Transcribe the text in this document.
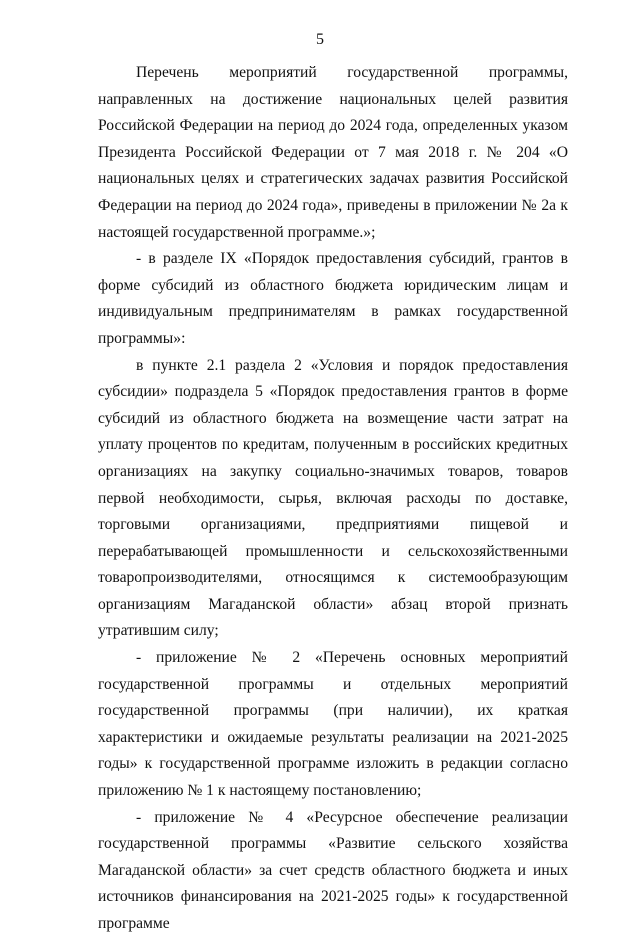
5

Перечень мероприятий государственной программы, направленных на достижение национальных целей развития Российской Федерации на период до 2024 года, определенных указом Президента Российской Федерации от 7 мая 2018 г. № 204 «О национальных целях и стратегических задачах развития Российской Федерации на период до 2024 года», приведены в приложении № 2а к настоящей государственной программе.»;

- в разделе IX «Порядок предоставления субсидий, грантов в форме субсидий из областного бюджета юридическим лицам и индивидуальным предпринимателям в рамках государственной программы»:

в пункте 2.1 раздела 2 «Условия и порядок предоставления субсидии» подраздела 5 «Порядок предоставления грантов в форме субсидий из областного бюджета на возмещение части затрат на уплату процентов по кредитам, полученным в российских кредитных организациях на закупку социально-значимых товаров, товаров первой необходимости, сырья, включая расходы по доставке, торговыми организациями, предприятиями пищевой и перерабатывающей промышленности и сельскохозяйственными товаропроизводителями, относящимся к системообразующим организациям Магаданской области» абзац второй признать утратившим силу;

- приложение № 2 «Перечень основных мероприятий государственной программы и отдельных мероприятий государственной программы (при наличии), их краткая характеристики и ожидаемые результаты реализации на 2021-2025 годы» к государственной программе изложить в редакции согласно приложению № 1 к настоящему постановлению;

- приложение № 4 «Ресурсное обеспечение реализации государственной программы «Развитие сельского хозяйства Магаданской области» за счет средств областного бюджета и иных источников финансирования на 2021-2025 годы» к государственной программе
